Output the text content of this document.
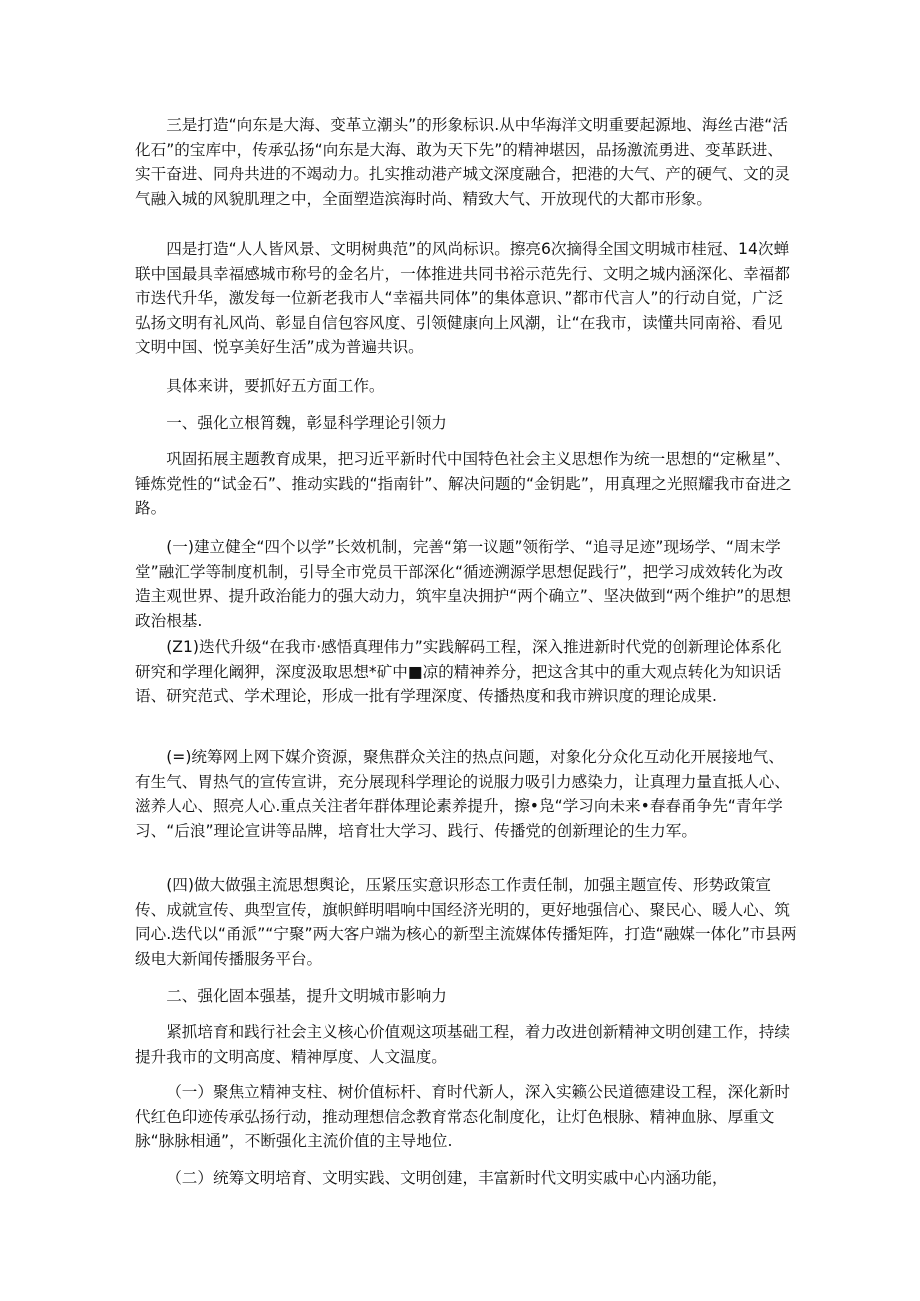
三是打造“向东是大海、变革立潮头”的形象标识.从中华海洋文明重要起源地、海丝古港“活化石”的宝库中，传承弘扬“向东是大海、敢为天下先”的精神堪因，品扬激流勇进、变革跃进、实干奋进、同舟共进的不竭动力。扎实推动港产城文深度融合，把港的大气、产的硬气、文的灵气融入城的风貌肌理之中，全面塑造滨海时尚、精致大气、开放现代的大都市形象。

四是打造“人人皆风景、文明树典范”的风尚标识。擦亮6次摘得全国文明城市桂冠、14次蝉联中国最具幸福感城市称号的金名片，一体推进共同书裕示范先行、文明之城内涵深化、幸福都市迭代升华，激发每一位新老我市人“幸福共同体”的集体意识、”都市代言人”的行动自觉，广泛弘扬文明有礼风尚、彰显自信包容风度、引领健康向上风潮，让“在我市，读懂共同南裕、看见文明中国、悦享美好生活”成为普遍共识。

具体来讲，要抓好五方面工作。

一、强化立根筲魏，彰显科学理论引领力

巩固拓展主题教育成果，把习近平新时代中国特色社会主义思想作为统一思想的“定楸星”、锤炼党性的“试金石”、推动实践的“指南针”、解决问题的“金钥匙”，用真理之光照耀我市奋进之路。

(一)建立健全“四个以学”长效机制，完善“第一议题”领衔学、“追寻足迹”现场学、“周末学堂”融汇学等制度机制，引导全市党员干部深化“循迹溯源学思想促践行”，把学习成效转化为改造主观世界、提升政治能力的强大动力，筑牢皇决拥护“两个确立”、坚决做到“两个维护”的思想政治根基.

(Z1)迭代升级“在我市·感悟真理伟力”实践解码工程，深入推进新时代党的创新理论体系化研究和学理化阚狎，深度汲取思想*矿中■凉的精神养分，把这含其中的重大观点转化为知识话语、研究范式、学术理论，形成一批有学理深度、传播热度和我市辨识度的理论成果.

(=)统筹网上网下媒介资源，聚焦群众关注的热点问题，对象化分众化互动化开展接地气、有生气、胃热气的宣传宣讲，充分展现科学理论的说服力吸引力感染力，让真理力量直抵人心、滋养人心、照亮人心.重点关注者年群体理论素养提升，擦•凫“学习向未来•春春甬争先“青年学习、“后浪”理论宣讲等品牌，培育壮大学习、践行、传播党的创新理论的生力军。

(四)做大做强主流思想舆论，压紧压实意识形态工作责任制，加强主题宣传、形势政策宣传、成就宣传、典型宣传，旗帜鲜明唱响中国经济光明的，更好地强信心、聚民心、暖人心、筑同心.迭代以“甬派”“宁聚”两大客户端为核心的新型主流媒体传播矩阵，打造“融媒一体化”市县两级电大新闻传播服务平台。

二、强化固本强基，提升文明城市影响力

紧抓培育和践行社会主义核心价值观这项基础工程，着力改进创新精神文明创建工作，持续提升我市的文明高度、精神厚度、人文温度。

（一）聚焦立精神支柱、树价值标杆、育时代新人，深入实籁公民道德建设工程，深化新时代红色印迹传承弘扬行动，推动理想信念教育常态化制度化，让灯色根脉、精神血脉、厚重文脉“脉脉相通”，不断强化主流价值的主导地位.

（二）统筹文明培育、文明实践、文明创建，丰富新时代文明实戚中心内涵功能，
